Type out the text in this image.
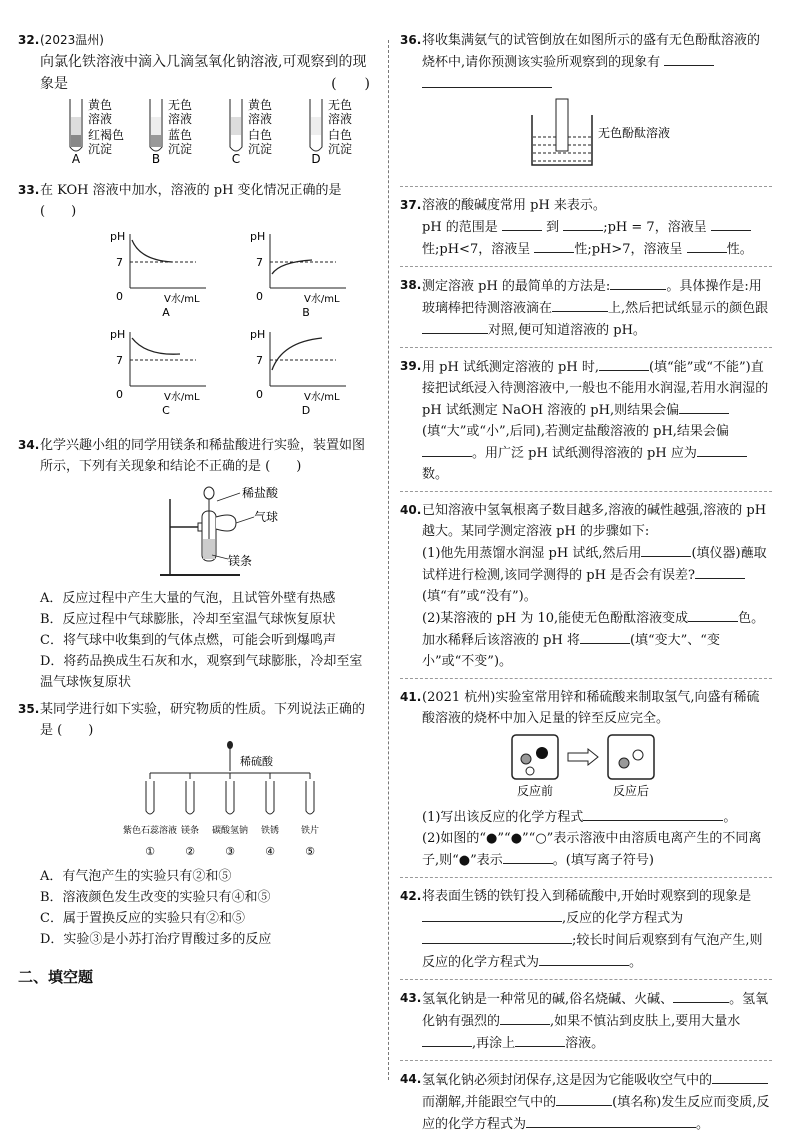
32. (2023温州)
向氯化铁溶液中滴入几滴氢氧化钠溶液,可观察到的现象是	(　　)
A
黄色
溶液
红褐色
沉淀
B
无色
溶液
蓝色
沉淀
C
黄色
溶液
白色
沉淀
D
无色
溶液
白色
沉淀
33. 在 KOH 溶液中加水，溶液的 pH 变化情况正确的是 (　　)
pH
7
0	V水/mL
A
pH
7
0	V水/mL
B
pH
7
0	V水/mL
C
pH
7
0	V水/mL
D
34. 化学兴趣小组的同学用镁条和稀盐酸进行实验，装置如图所示，下列有关现象和结论不正确的是 (　　)
稀盐酸
气球
镁条
A．反应过程中产生大量的气泡，且试管外壁有热感
B．反应过程中气球膨胀，冷却至室温气球恢复原状
C．将气球中收集到的气体点燃，可能会听到爆鸣声
D．将药品换成生石灰和水，观察到气球膨胀，冷却至室温气球恢复原状
35. 某同学进行如下实验，研究物质的性质。下列说法正确的是 (　　)
稀硫酸
紫色石蕊溶液
①
镁条
②
碳酸氢钠
③
铁锈
④
铁片
⑤
A．有气泡产生的实验只有②和⑤
B．溶液颜色发生改变的实验只有④和⑤
C．属于置换反应的实验只有②和⑤
D．实验③是小苏打治疗胃酸过多的反应
二、填空题
36. 将收集满氨气的试管倒放在如图所示的盛有无色酚酞溶液的烧杯中,请你预测该实验所观察到的现象有

无色酚酞溶液
37. 溶液的酸碱度常用 pH 来表示。
pH 的范围是	到	;pH = 7，溶液呈
性;pH<7，溶液呈	性;pH>7，溶液呈	性。
38. 测定溶液 pH 的最简单的方法是:	。具体操作是:用玻璃棒把待测溶液滴在	上,然后把试纸显示的颜色跟对照,便可知道溶液的 pH。
39. 用 pH 试纸测定溶液的 pH 时,	(填“能”或“不能”)直接把试纸浸入待测溶液中,一般也不能用水润湿,若用水润湿的 pH 试纸测定 NaOH 溶液的 pH,则结果会偏(填“大”或“小”,后同),若测定盐酸溶液的 pH,结果会偏。用广泛 pH 试纸测得溶液的 pH 应为数。
40. 已知溶液中氢氧根离子数目越多,溶液的碱性越强,溶液的 pH 越大。某同学测定溶液 pH 的步骤如下:
(1)他先用蒸馏水润湿 pH 试纸,然后用	(填仪器)蘸取试样进行检测,该同学测得的 pH 是否会有误差?(填“有”或“没有”)。
(2)某溶液的 pH 为 10,能使无色酚酞溶液变成	色。加水稀释后该溶液的 pH 将	(填“变大”、“变小”或“不变”)。
41. (2021 杭州)实验室常用锌和稀硫酸来制取氢气,向盛有稀硫酸溶液的烧杯中加入足量的锌至反应完全。
反应前	反应后
(1)写出该反应的化学方程式	。
(2)如图的“●”“●”“○”表示溶液中由溶质电离产生的不同离子,则“●”表示	。(填写离子符号)
42. 将表面生锈的铁钉投入到稀硫酸中,开始时观察到的现象是,反应的化学方程式为;较长时间后观察到有气泡产生,则反应的化学方程式为	。
43. 氢氧化钠是一种常见的碱,俗名烧碱、火碱、	。氢氧化钠有强烈的	,如果不慎沾到皮肤上,要用大量水,再涂上	溶液。
44. 氢氧化钠必须封闭保存,这是因为它能吸收空气中的而潮解,并能跟空气中的	(填名称)发生反应而变质,反应的化学方程式为	。
